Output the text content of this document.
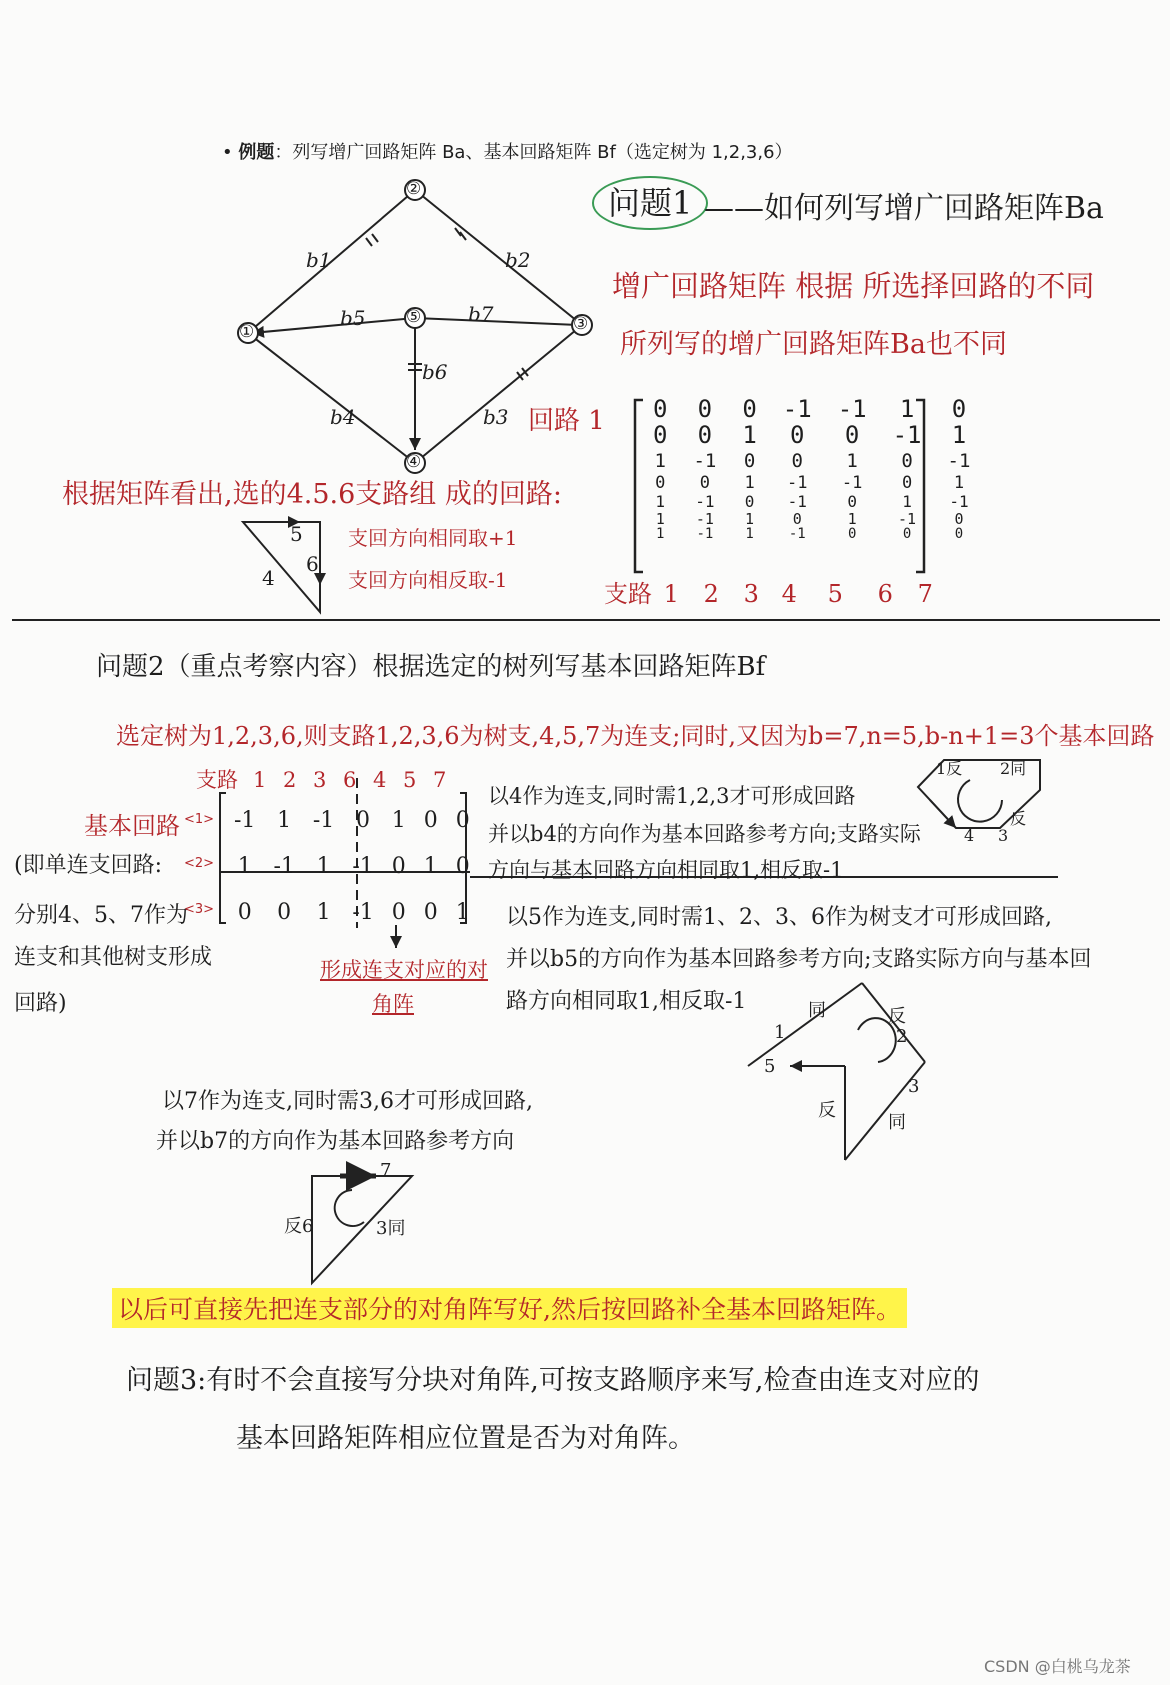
• 例题：列写增广回路矩阵 Ba、基本回路矩阵 Bf（选定树为 1,2,3,6）
b1	b2
b3
b4
b5
b6
b7
①
②
③
④
⑤
问题1 ——如何列写增广回路矩阵Ba
增广回路矩阵 根据 所选择回路的不同
所列写的增广回路矩阵Ba也不同
回路 1 0	0	0	-1	-1	1	0
0	0	1	0	0	-1	1
1	-1	0	0	1	0	-1
0	0	1	-1	-1	0	1
1	-1	0	-1	0	1	-1
1	-1	1	0	1	-1	0
1	-1	1	-1	0	0	0
支路 1 2 3 4 5 6 7
根据矩阵看出,选的4.5.6支路组 成的回路:
5
6
4
支回方向相同取+1
支回方向相反取-1
问题2（重点考察内容）根据选定的树列写基本回路矩阵Bf
选定树为1,2,3,6,则支路1,2,3,6为树支,4,5,7为连支;同时,又因为b=7,n=5,b-n+1=3个基本回路
支路 1 2 3 6 4 5 7
基本回路
(即单连支回路:
分别4、5、7作为
连支和其他树支形成
回路)
<1>
<2>
<3>
-1	1	-1	0	1	0	0
1	-1	1	-1	0	1	0
0	0	1	-1	0	0	1
形成连支对应的对
角阵
以4作为连支,同时需1,2,3才可形成回路
并以b4的方向作为基本回路参考方向;支路实际
方向与基本回路方向相同取1,相反取-1
1反 2同
4 3
反
以5作为连支,同时需1、2、3、6作为树支才可形成回路,
并以b5的方向作为基本回路参考方向;支路实际方向与基本回
路方向相同取1,相反取-1
1
同	反
2
5
3
同
反
以7作为连支,同时需3,6才可形成回路,
并以b7的方向作为基本回路参考方向
7
反6	3同
以后可直接先把连支部分的对角阵写好,然后按回路补全基本回路矩阵。
问题3:有时不会直接写分块对角阵,可按支路顺序来写,检查由连支对应的
基本回路矩阵相应位置是否为对角阵。
CSDN @白桃乌龙茶
